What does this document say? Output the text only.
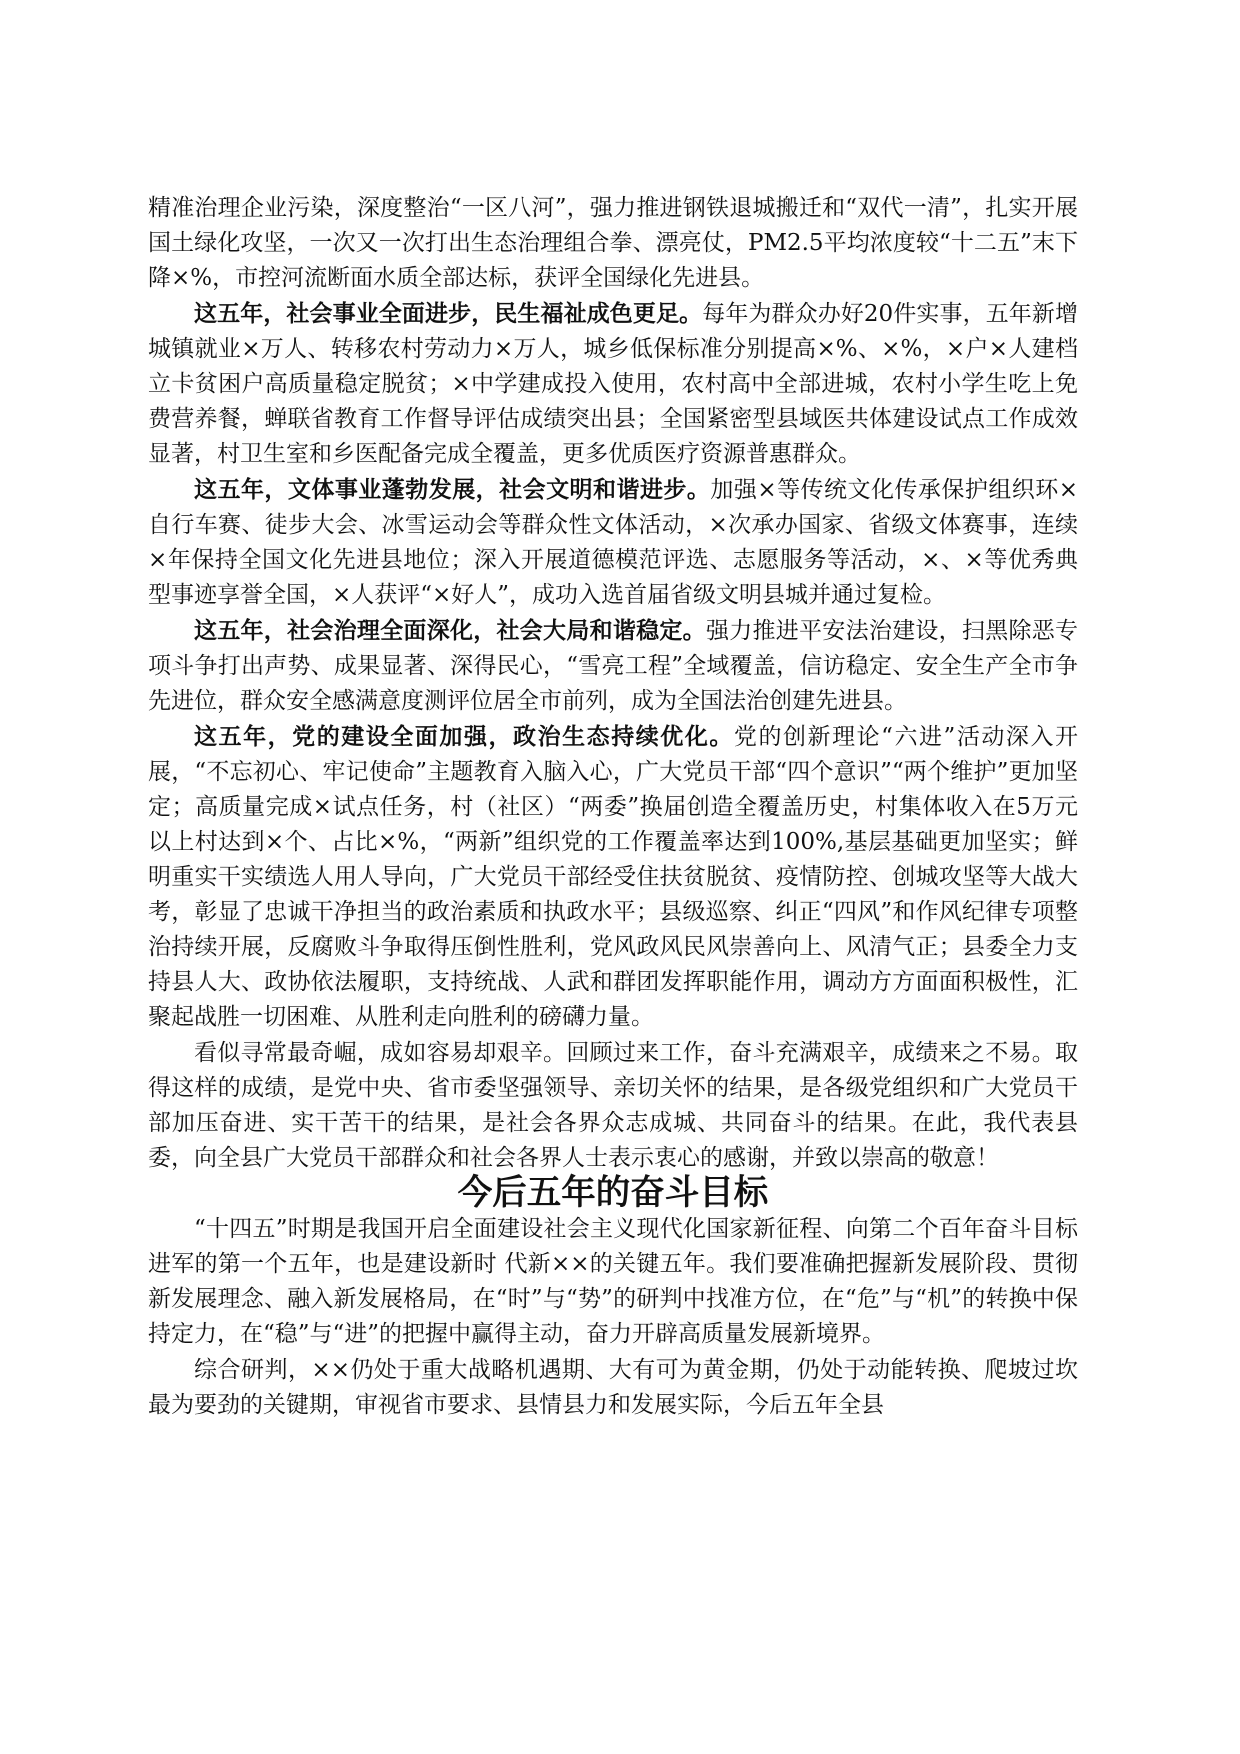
精准治理企业污染，深度整治“一区八河”，强力推进钢铁退城搬迁和“双代一清”，扎实开展国土绿化攻坚，一次又一次打出生态治理组合拳、漂亮仗，PM2.5平均浓度较“十二五”末下降×%，市控河流断面水质全部达标，获评全国绿化先进县。

这五年，社会事业全面进步，民生福祉成色更足。每年为群众办好20件实事，五年新增城镇就业×万人、转移农村劳动力×万人，城乡低保标准分别提高×%、×%，×户×人建档立卡贫困户高质量稳定脱贫；×中学建成投入使用，农村高中全部进城，农村小学生吃上免费营养餐，蝉联省教育工作督导评估成绩突出县；全国紧密型县域医共体建设试点工作成效显著，村卫生室和乡医配备完成全覆盖，更多优质医疗资源普惠群众。

这五年，文体事业蓬勃发展，社会文明和谐进步。加强×等传统文化传承保护组织环×自行车赛、徒步大会、冰雪运动会等群众性文体活动，×次承办国家、省级文体赛事，连续×年保持全国文化先进县地位；深入开展道德模范评选、志愿服务等活动，×、×等优秀典型事迹享誉全国，×人获评“×好人”，成功入选首届省级文明县城并通过复检。

这五年，社会治理全面深化，社会大局和谐稳定。强力推进平安法治建设，扫黑除恶专项斗争打出声势、成果显著、深得民心，“雪亮工程”全域覆盖，信访稳定、安全生产全市争先进位，群众安全感满意度测评位居全市前列，成为全国法治创建先进县。

这五年，党的建设全面加强，政治生态持续优化。党的创新理论“六进”活动深入开展，“不忘初心、牢记使命”主题教育入脑入心，广大党员干部“四个意识”“两个维护”更加坚定；高质量完成×试点任务，村（社区）“两委”换届创造全覆盖历史，村集体收入在5万元以上村达到×个、占比×%，“两新”组织党的工作覆盖率达到100%,基层基础更加坚实；鲜明重实干实绩选人用人导向，广大党员干部经受住扶贫脱贫、疫情防控、创城攻坚等大战大考，彰显了忠诚干净担当的政治素质和执政水平；县级巡察、纠正“四风”和作风纪律专项整治持续开展，反腐败斗争取得压倒性胜利，党风政风民风崇善向上、风清气正；县委全力支持县人大、政协依法履职，支持统战、人武和群团发挥职能作用，调动方方面面积极性，汇聚起战胜一切困难、从胜利走向胜利的磅礴力量。

看似寻常最奇崛，成如容易却艰辛。回顾过来工作，奋斗充满艰辛，成绩来之不易。取得这样的成绩，是党中央、省市委坚强领导、亲切关怀的结果，是各级党组织和广大党员干部加压奋进、实干苦干的结果，是社会各界众志成城、共同奋斗的结果。在此，我代表县委，向全县广大党员干部群众和社会各界人士表示衷心的感谢，并致以崇高的敬意！

今后五年的奋斗目标

“十四五”时期是我国开启全面建设社会主义现代化国家新征程、向第二个百年奋斗目标进军的第一个五年，也是建设新时 代新××的关键五年。我们要准确把握新发展阶段、贯彻新发展理念、融入新发展格局，在“时”与“势”的研判中找准方位，在“危”与“机”的转换中保持定力，在“稳”与“进”的把握中赢得主动，奋力开辟高质量发展新境界。

综合研判，××仍处于重大战略机遇期、大有可为黄金期，仍处于动能转换、爬坡过坎最为要劲的关键期，审视省市要求、县情县力和发展实际，今后五年全县
